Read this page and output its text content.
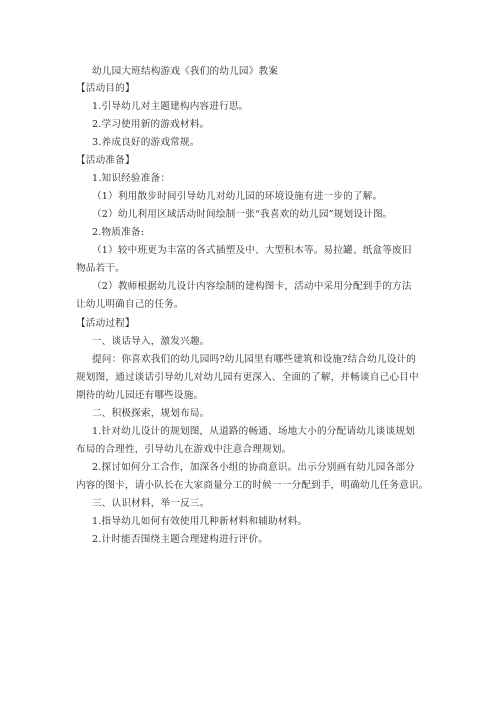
幼儿园大班结构游戏《我们的幼儿园》教案
【活动目的】
1.引导幼儿对主题建构内容进行思。
2.学习使用新的游戏材料。
3.养成良好的游戏常规。
【活动准备】
1.知识经验准备：
（1）利用散步时间引导幼儿对幼儿园的环境设施有进一步的了解。
（2）幼儿利用区域活动时间绘制一张“我喜欢的幼儿园”规划设计图。
2.物质准备:
（1）较中班更为丰富的各式插塑及中、大型积木等。易拉罐、纸盒等废旧
物品若干。
（2）教师根据幼儿设计内容绘制的建构图卡，活动中采用分配到手的方法
让幼儿明确自己的任务。
【活动过程】
一、谈话导入，激发兴趣。
提问：你喜欢我们的幼儿园吗?幼儿园里有哪些建筑和设施?结合幼儿设计的
规划图，通过谈话引导幼儿对幼儿园有更深入、全面的了解，并畅谈自己心目中
期待的幼儿园还有哪些设施。
二、积极探索，规划布局。
1.针对幼儿设计的规划图，从道路的畅通、场地大小的分配请幼儿谈谈规划
布局的合理性，引导幼儿在游戏中注意合理规划。
2.探讨如何分工合作，加深各小组的协商意识。出示分别画有幼儿园各部分
内容的图卡，请小队长在大家商量分工的时候一一分配到手，明确幼儿任务意识。
三、认识材料，举一反三。
1.指导幼儿如何有效使用几种新材料和辅助材料。
2.计时能否围绕主题合理建构进行评价。
